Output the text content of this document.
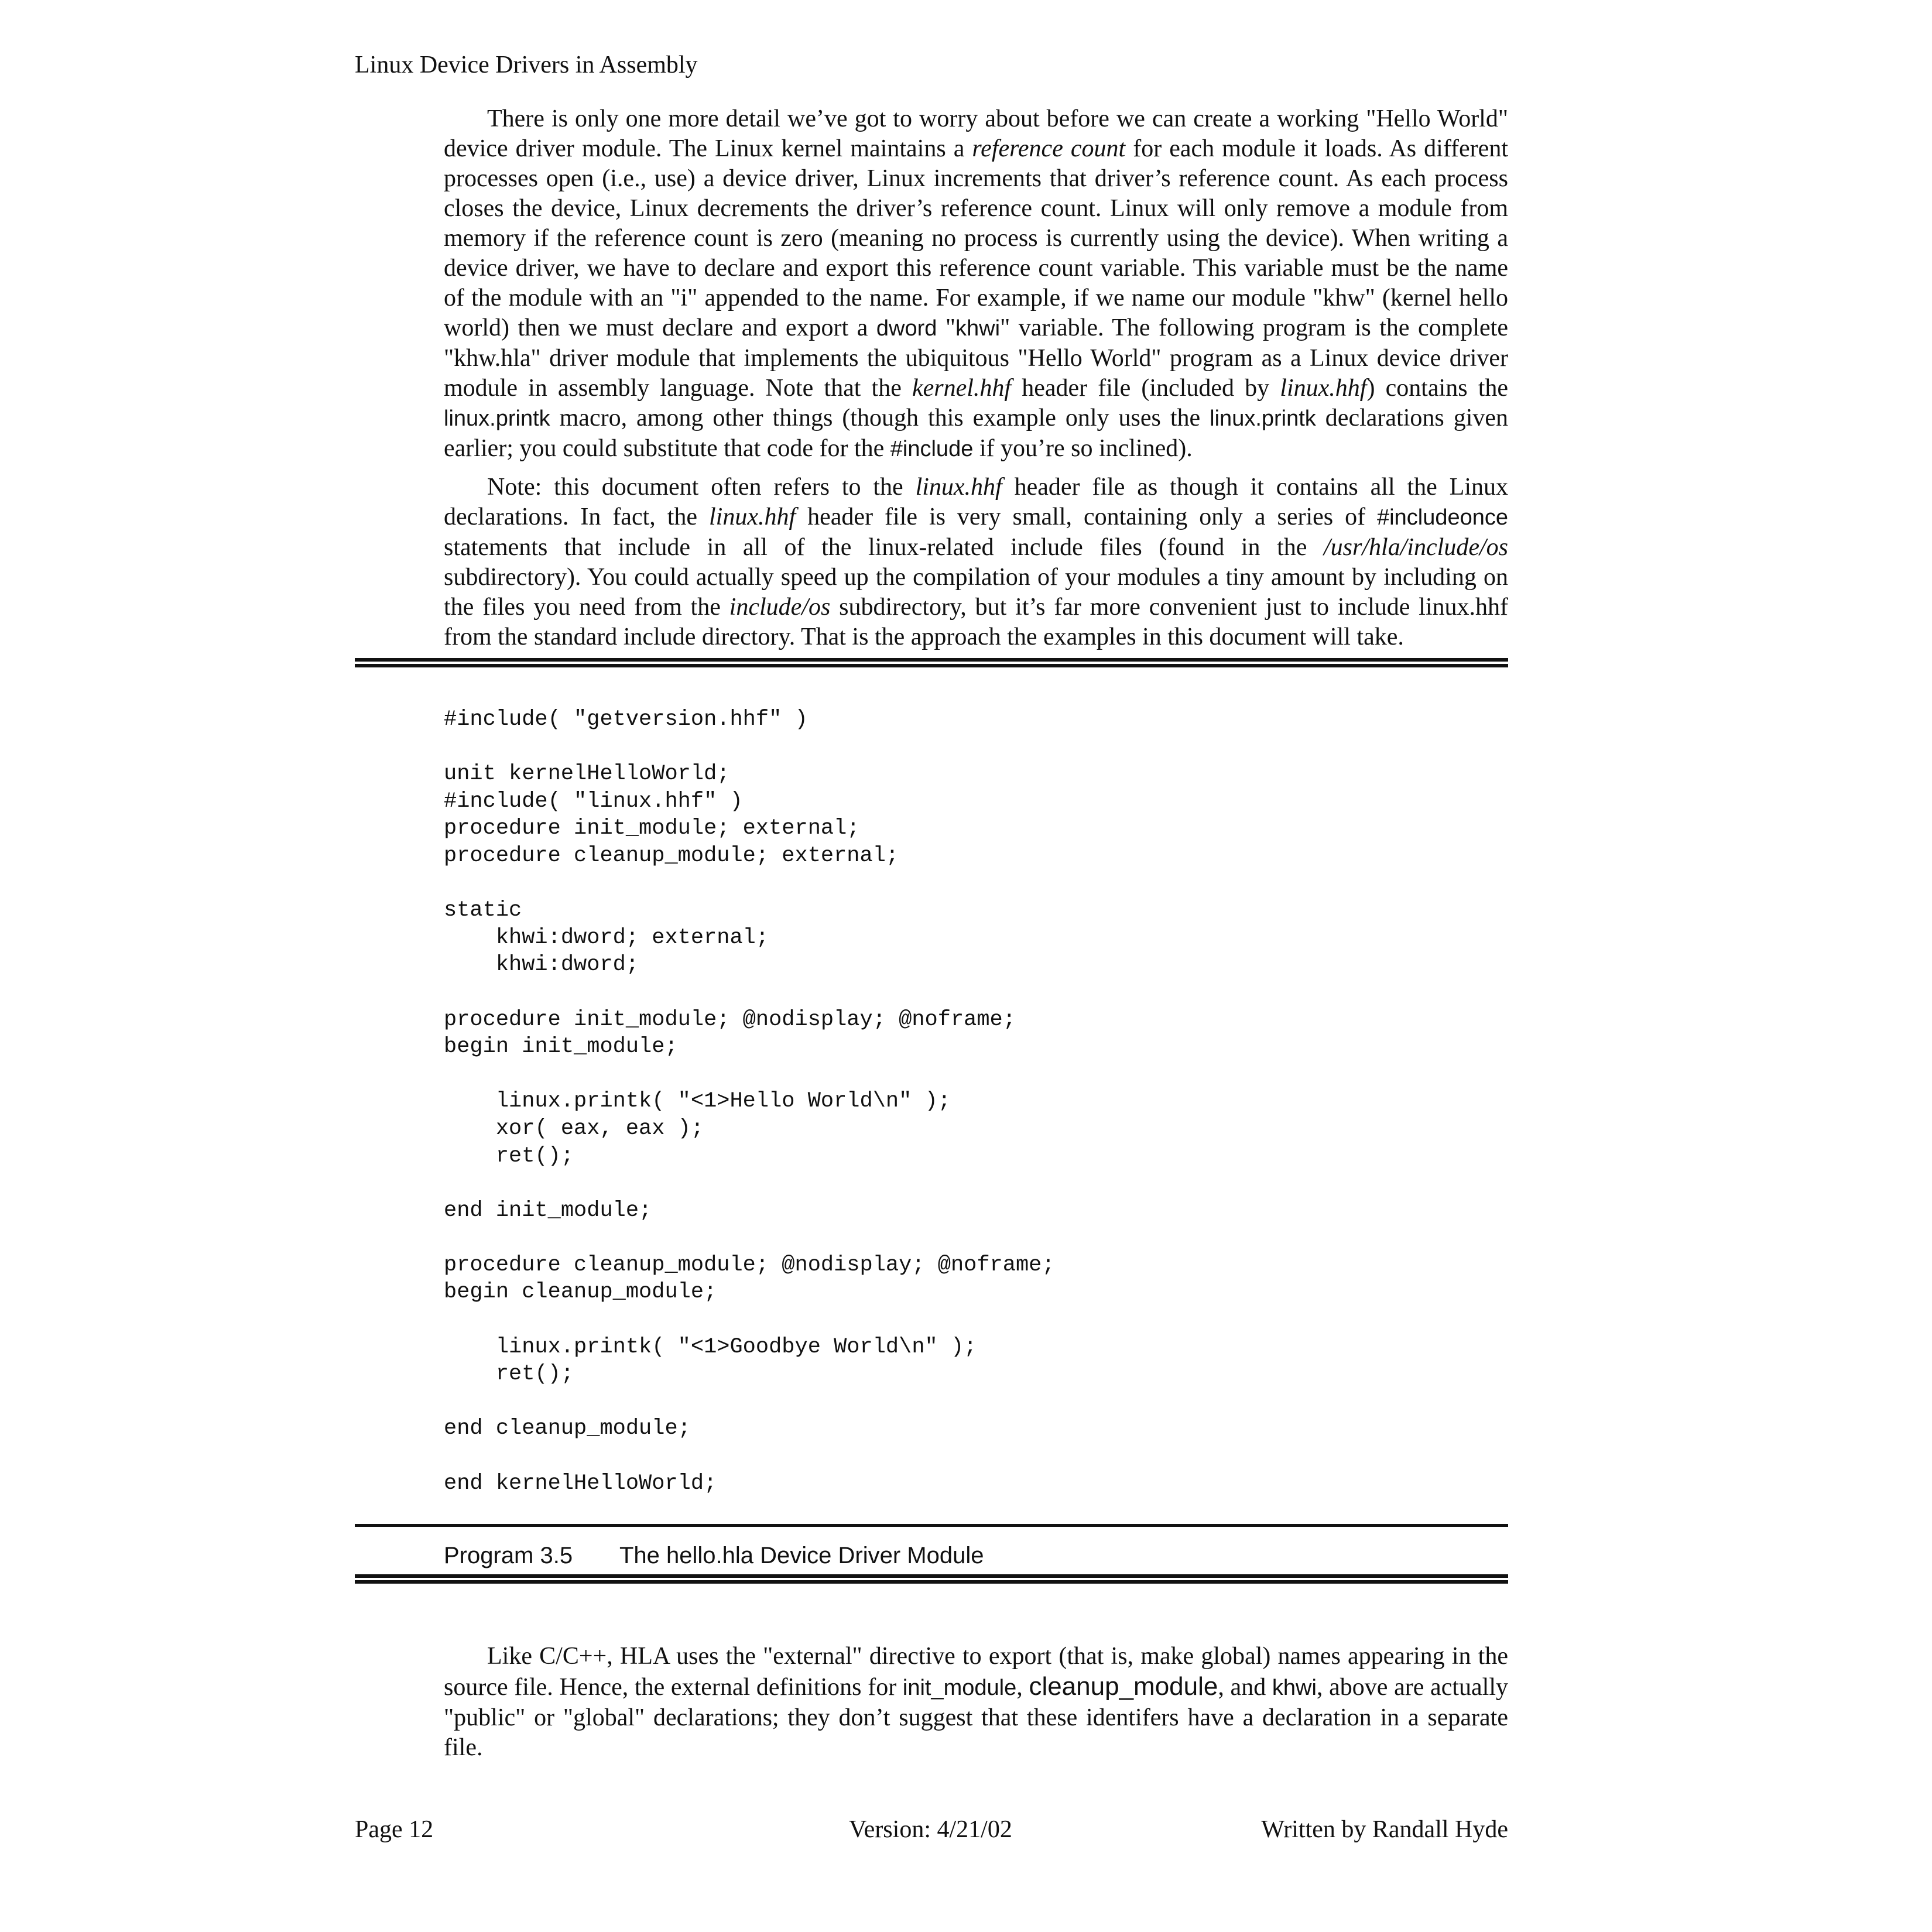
Linux Device Drivers in Assembly

There is only one more detail we’ve got to worry about before we can create a working "Hello World" device driver module. The Linux kernel maintains a reference count for each module it loads. As different processes open (i.e., use) a device driver, Linux increments that driver’s reference count. As each process closes the device, Linux decrements the driver’s reference count. Linux will only remove a module from memory if the reference count is zero (meaning no process is currently using the device). When writing a device driver, we have to declare and export this reference count variable. This variable must be the name of the module with an "i" appended to the name. For example, if we name our module "khw" (kernel hello world) then we must declare and export a dword "khwi" variable. The following program is the complete "khw.hla" driver module that implements the ubiquitous "Hello World" program as a Linux device driver module in assembly language. Note that the kernel.hhf header file (included by linux.hhf) contains the linux.printk macro, among other things (though this example only uses the linux.printk declarations given earlier; you could substitute that code for the #include if you’re so inclined).

Note: this document often refers to the linux.hhf header file as though it contains all the Linux declarations. In fact, the linux.hhf header file is very small, containing only a series of #includeonce statements that include in all of the linux-related include files (found in the /usr/hla/include/os subdirectory). You could actually speed up the compilation of your modules a tiny amount by including on the files you need from the include/os subdirectory, but it’s far more convenient just to include linux.hhf from the standard include directory. That is the approach the examples in this document will take.

#include( "getversion.hhf" )

unit kernelHelloWorld;
#include( "linux.hhf" )
procedure init_module; external;
procedure cleanup_module; external;

static
khwi:dword; external;
khwi:dword;

procedure init_module; @nodisplay; @noframe;
begin init_module;

linux.printk( "<1>Hello World\n" );
xor( eax, eax );
ret();

end init_module;

procedure cleanup_module; @nodisplay; @noframe;
begin cleanup_module;

linux.printk( "<1>Goodbye World\n" );
ret();

end cleanup_module;

end kernelHelloWorld;
Program 3.5 The hello.hla Device Driver Module

Like C/C++, HLA uses the "external" directive to export (that is, make global) names appearing in the source file. Hence, the external definitions for init_module, cleanup_module, and khwi, above are actually "public" or "global" declarations; they don’t suggest that these identifers have a declaration in a separate file.

Page 12	Version: 4/21/02	Written by Randall Hyde
